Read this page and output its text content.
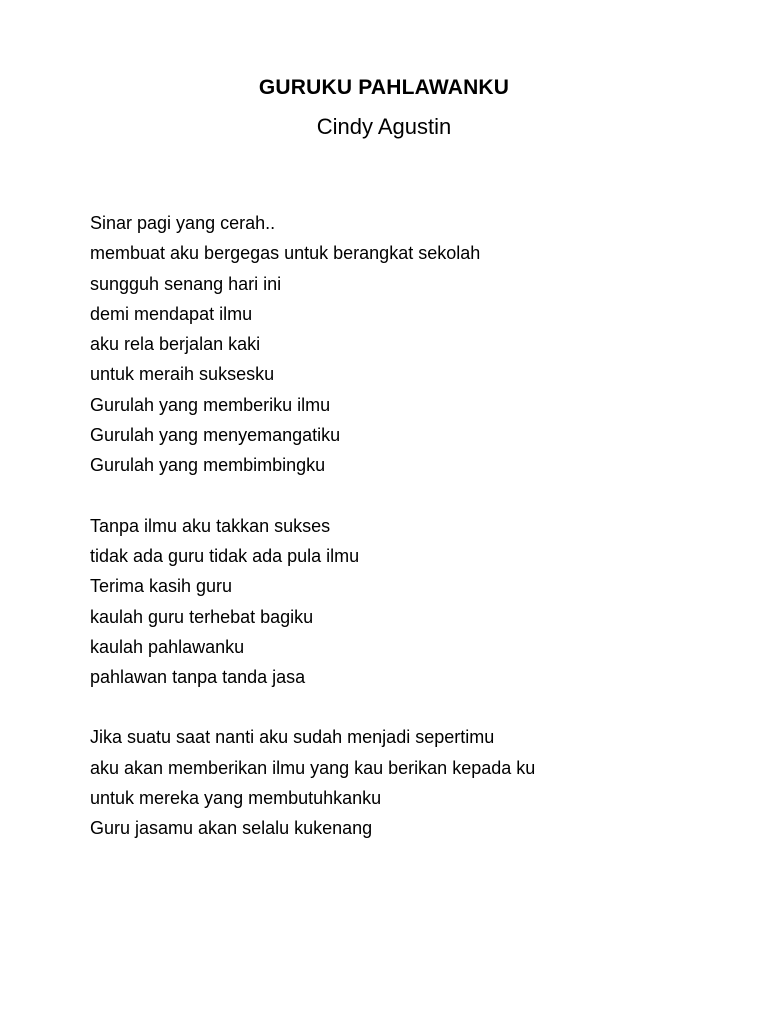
GURUKU PAHLAWANKU

Cindy Agustin

Sinar pagi yang cerah..
membuat aku bergegas untuk berangkat sekolah
sungguh senang hari ini
demi mendapat ilmu
aku rela berjalan kaki
untuk meraih suksesku
Gurulah yang memberiku ilmu
Gurulah yang menyemangatiku
Gurulah yang membimbingku
Tanpa ilmu aku takkan sukses
tidak ada guru tidak ada pula ilmu
Terima kasih guru
kaulah guru terhebat bagiku
kaulah pahlawanku
pahlawan tanpa tanda jasa
Jika suatu saat nanti aku sudah menjadi sepertimu
aku akan memberikan ilmu yang kau berikan kepada ku
untuk mereka yang membutuhkanku
Guru jasamu akan selalu kukenang
